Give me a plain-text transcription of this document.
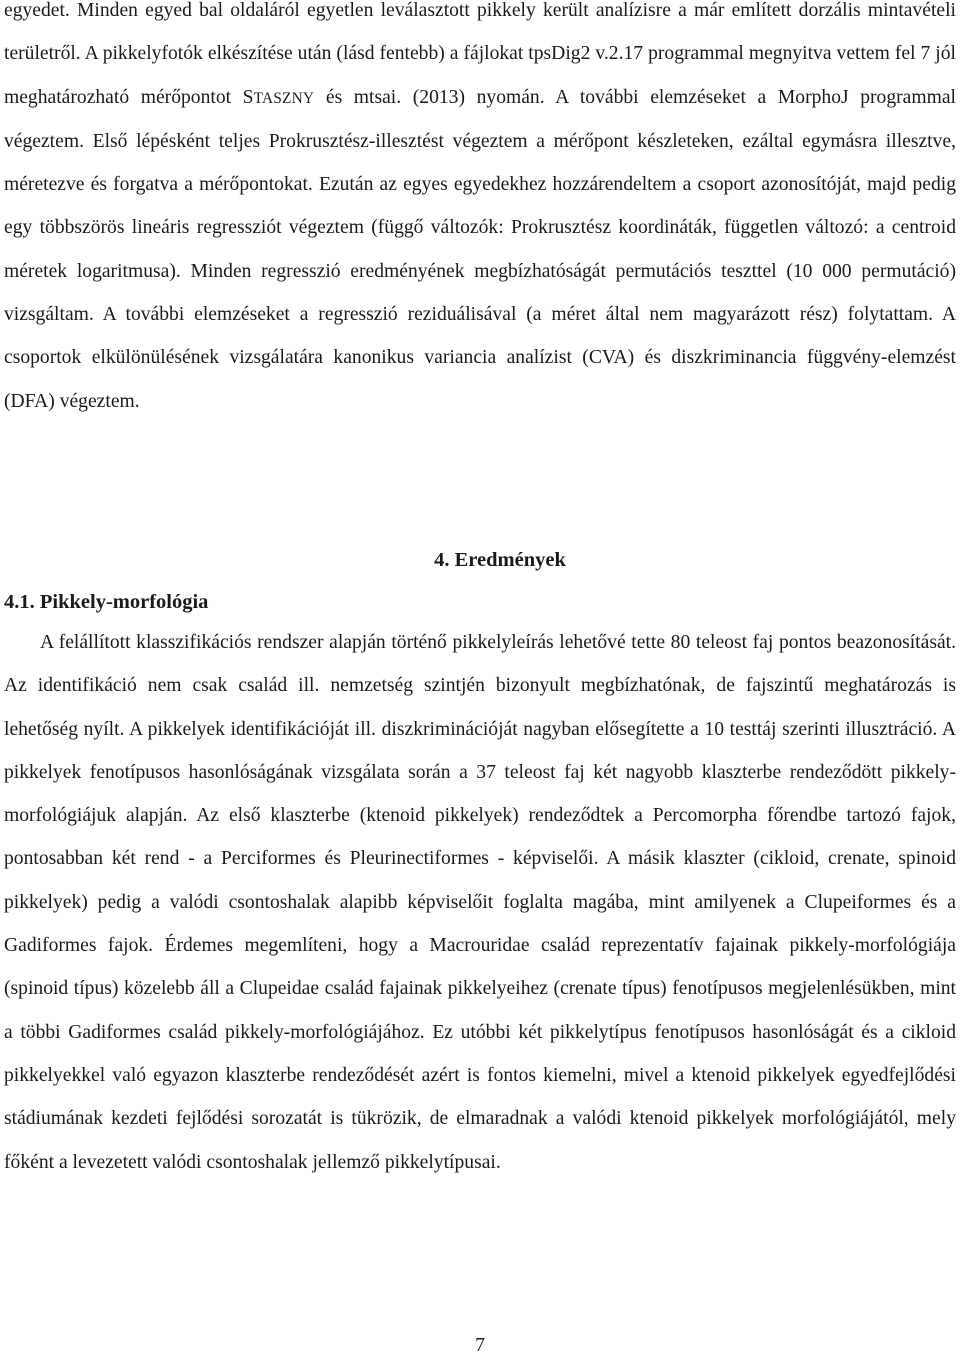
egyedet. Minden egyed bal oldaláról egyetlen leválasztott pikkely került analízisre a már említett dorzális mintavételi területről. A pikkelyfotók elkészítése után (lásd fentebb) a fájlokat tpsDig2 v.2.17 programmal megnyitva vettem fel 7 jól meghatározható mérőpontot STASZNY és mtsai. (2013) nyomán. A további elemzéseket a MorphoJ programmal végeztem. Első lépésként teljes Prokrusztész-illesztést végeztem a mérőpont készleteken, ezáltal egymásra illesztve, méretezve és forgatva a mérőpontokat. Ezután az egyes egyedekhez hozzárendeltem a csoport azonosítóját, majd pedig egy többszörös lineáris regressziót végeztem (függő változók: Prokrusztész koordináták, független változó: a centroid méretek logaritmusa). Minden regresszió eredményének megbízhatóságát permutációs teszttel (10 000 permutáció) vizsgáltam. A további elemzéseket a regresszió reziduálisával (a méret által nem magyarázott rész) folytattam. A csoportok elkülönülésének vizsgálatára kanonikus variancia analízist (CVA) és diszkriminancia függvény-elemzést (DFA) végeztem.

4. Eredmények
4.1. Pikkely-morfológia

A felállított klasszifikációs rendszer alapján történő pikkelyleírás lehetővé tette 80 teleost faj pontos beazonosítását. Az identifikáció nem csak család ill. nemzetség szintjén bizonyult megbízhatónak, de fajszintű meghatározás is lehetőség nyílt. A pikkelyek identifikációját ill. diszkriminációját nagyban elősegítette a 10 testtáj szerinti illusztráció. A pikkelyek fenotípusos hasonlóságának vizsgálata során a 37 teleost faj két nagyobb klaszterbe rendeződött pikkely-morfológiájuk alapján. Az első klaszterbe (ktenoid pikkelyek) rendeződtek a Percomorpha főrendbe tartozó fajok, pontosabban két rend - a Perciformes és Pleurinectiformes - képviselői. A másik klaszter (cikloid, crenate, spinoid pikkelyek) pedig a valódi csontoshalak alapibb képviselőit foglalta magába, mint amilyenek a Clupeiformes és a Gadiformes fajok. Érdemes megemlíteni, hogy a Macrouridae család reprezentatív fajainak pikkely-morfológiája (spinoid típus) közelebb áll a Clupeidae család fajainak pikkelyeihez (crenate típus) fenotípusos megjelenlésükben, mint a többi Gadiformes család pikkely-morfológiájához. Ez utóbbi két pikkelytípus fenotípusos hasonlóságát és a cikloid pikkelyekkel való egyazon klaszterbe rendeződését azért is fontos kiemelni, mivel a ktenoid pikkelyek egyedfejlődési stádiumának kezdeti fejlődési sorozatát is tükrözik, de elmaradnak a valódi ktenoid pikkelyek morfológiájától, mely főként a levezetett valódi csontoshalak jellemző pikkelytípusai.

7
